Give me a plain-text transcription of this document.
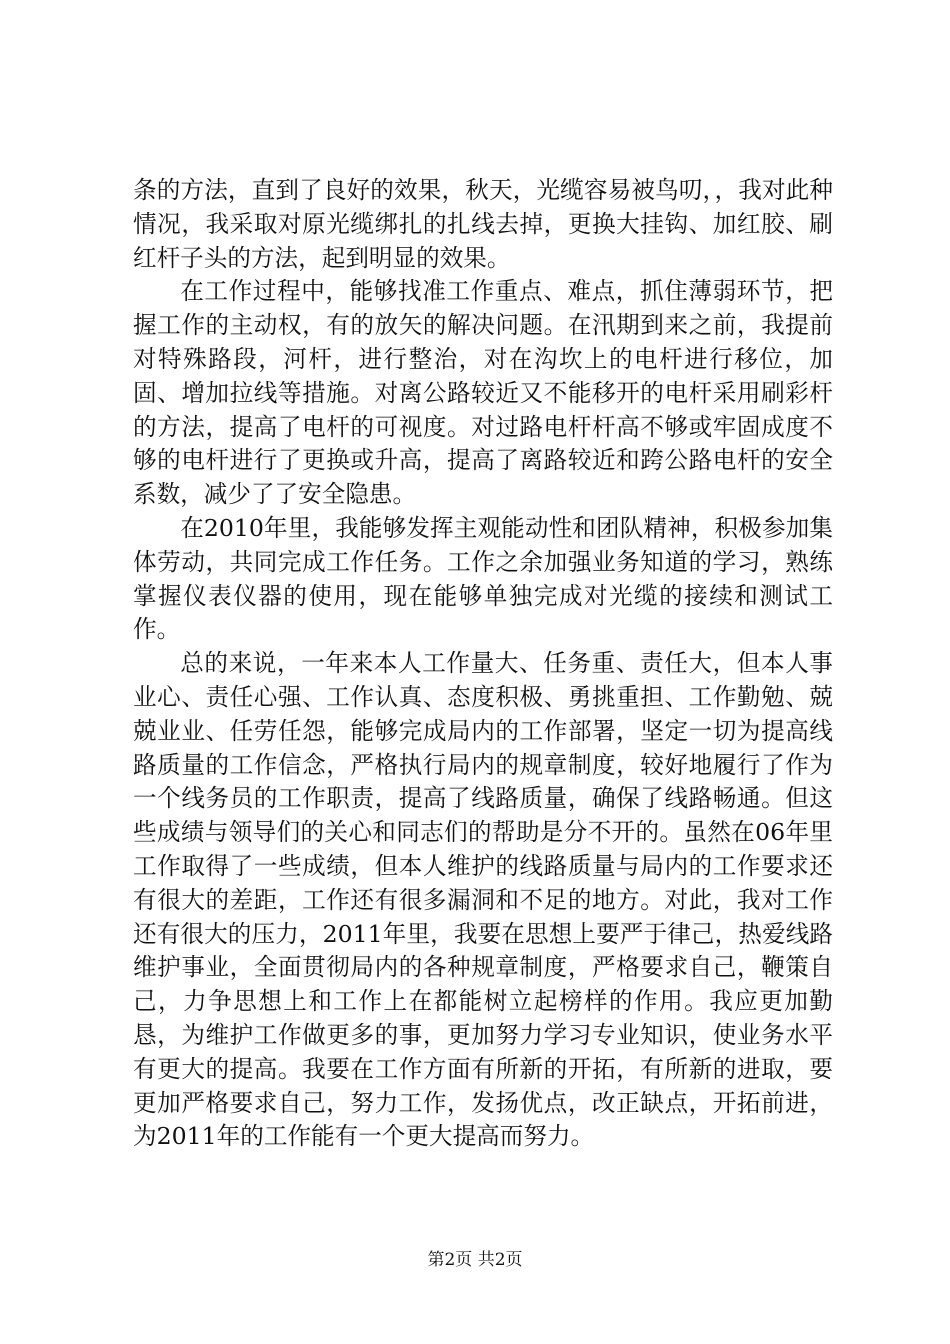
条的方法，直到了良好的效果，秋天，光缆容易被鸟叨，，我对此种情况，我采取对原光缆绑扎的扎线去掉，更换大挂钩、加红胶、刷红杆子头的方法，起到明显的效果。

在工作过程中，能够找准工作重点、难点，抓住薄弱环节，把握工作的主动权，有的放矢的解决问题。在汛期到来之前，我提前对特殊路段，河杆，进行整治，对在沟坎上的电杆进行移位，加固、增加拉线等措施。对离公路较近又不能移开的电杆采用刷彩杆的方法，提高了电杆的可视度。对过路电杆杆高不够或牢固成度不够的电杆进行了更换或升高，提高了离路较近和跨公路电杆的安全系数，减少了了安全隐患。

在2010年里，我能够发挥主观能动性和团队精神，积极参加集体劳动，共同完成工作任务。工作之余加强业务知道的学习，熟练掌握仪表仪器的使用，现在能够单独完成对光缆的接续和测试工作。

总的来说，一年来本人工作量大、任务重、责任大，但本人事业心、责任心强、工作认真、态度积极、勇挑重担、工作勤勉、兢兢业业、任劳任怨，能够完成局内的工作部署，坚定一切为提高线路质量的工作信念，严格执行局内的规章制度，较好地履行了作为一个线务员的工作职责，提高了线路质量，确保了线路畅通。但这些成绩与领导们的关心和同志们的帮助是分不开的。虽然在06年里工作取得了一些成绩，但本人维护的线路质量与局内的工作要求还有很大的差距，工作还有很多漏洞和不足的地方。对此，我对工作还有很大的压力，2011年里，我要在思想上要严于律己，热爱线路维护事业，全面贯彻局内的各种规章制度，严格要求自己，鞭策自己，力争思想上和工作上在都能树立起榜样的作用。我应更加勤恳，为维护工作做更多的事，更加努力学习专业知识，使业务水平有更大的提高。我要在工作方面有所新的开拓，有所新的进取，要更加严格要求自己，努力工作，发扬优点，改正缺点，开拓前进，为2011年的工作能有一个更大提高而努力。

第2页 共2页
